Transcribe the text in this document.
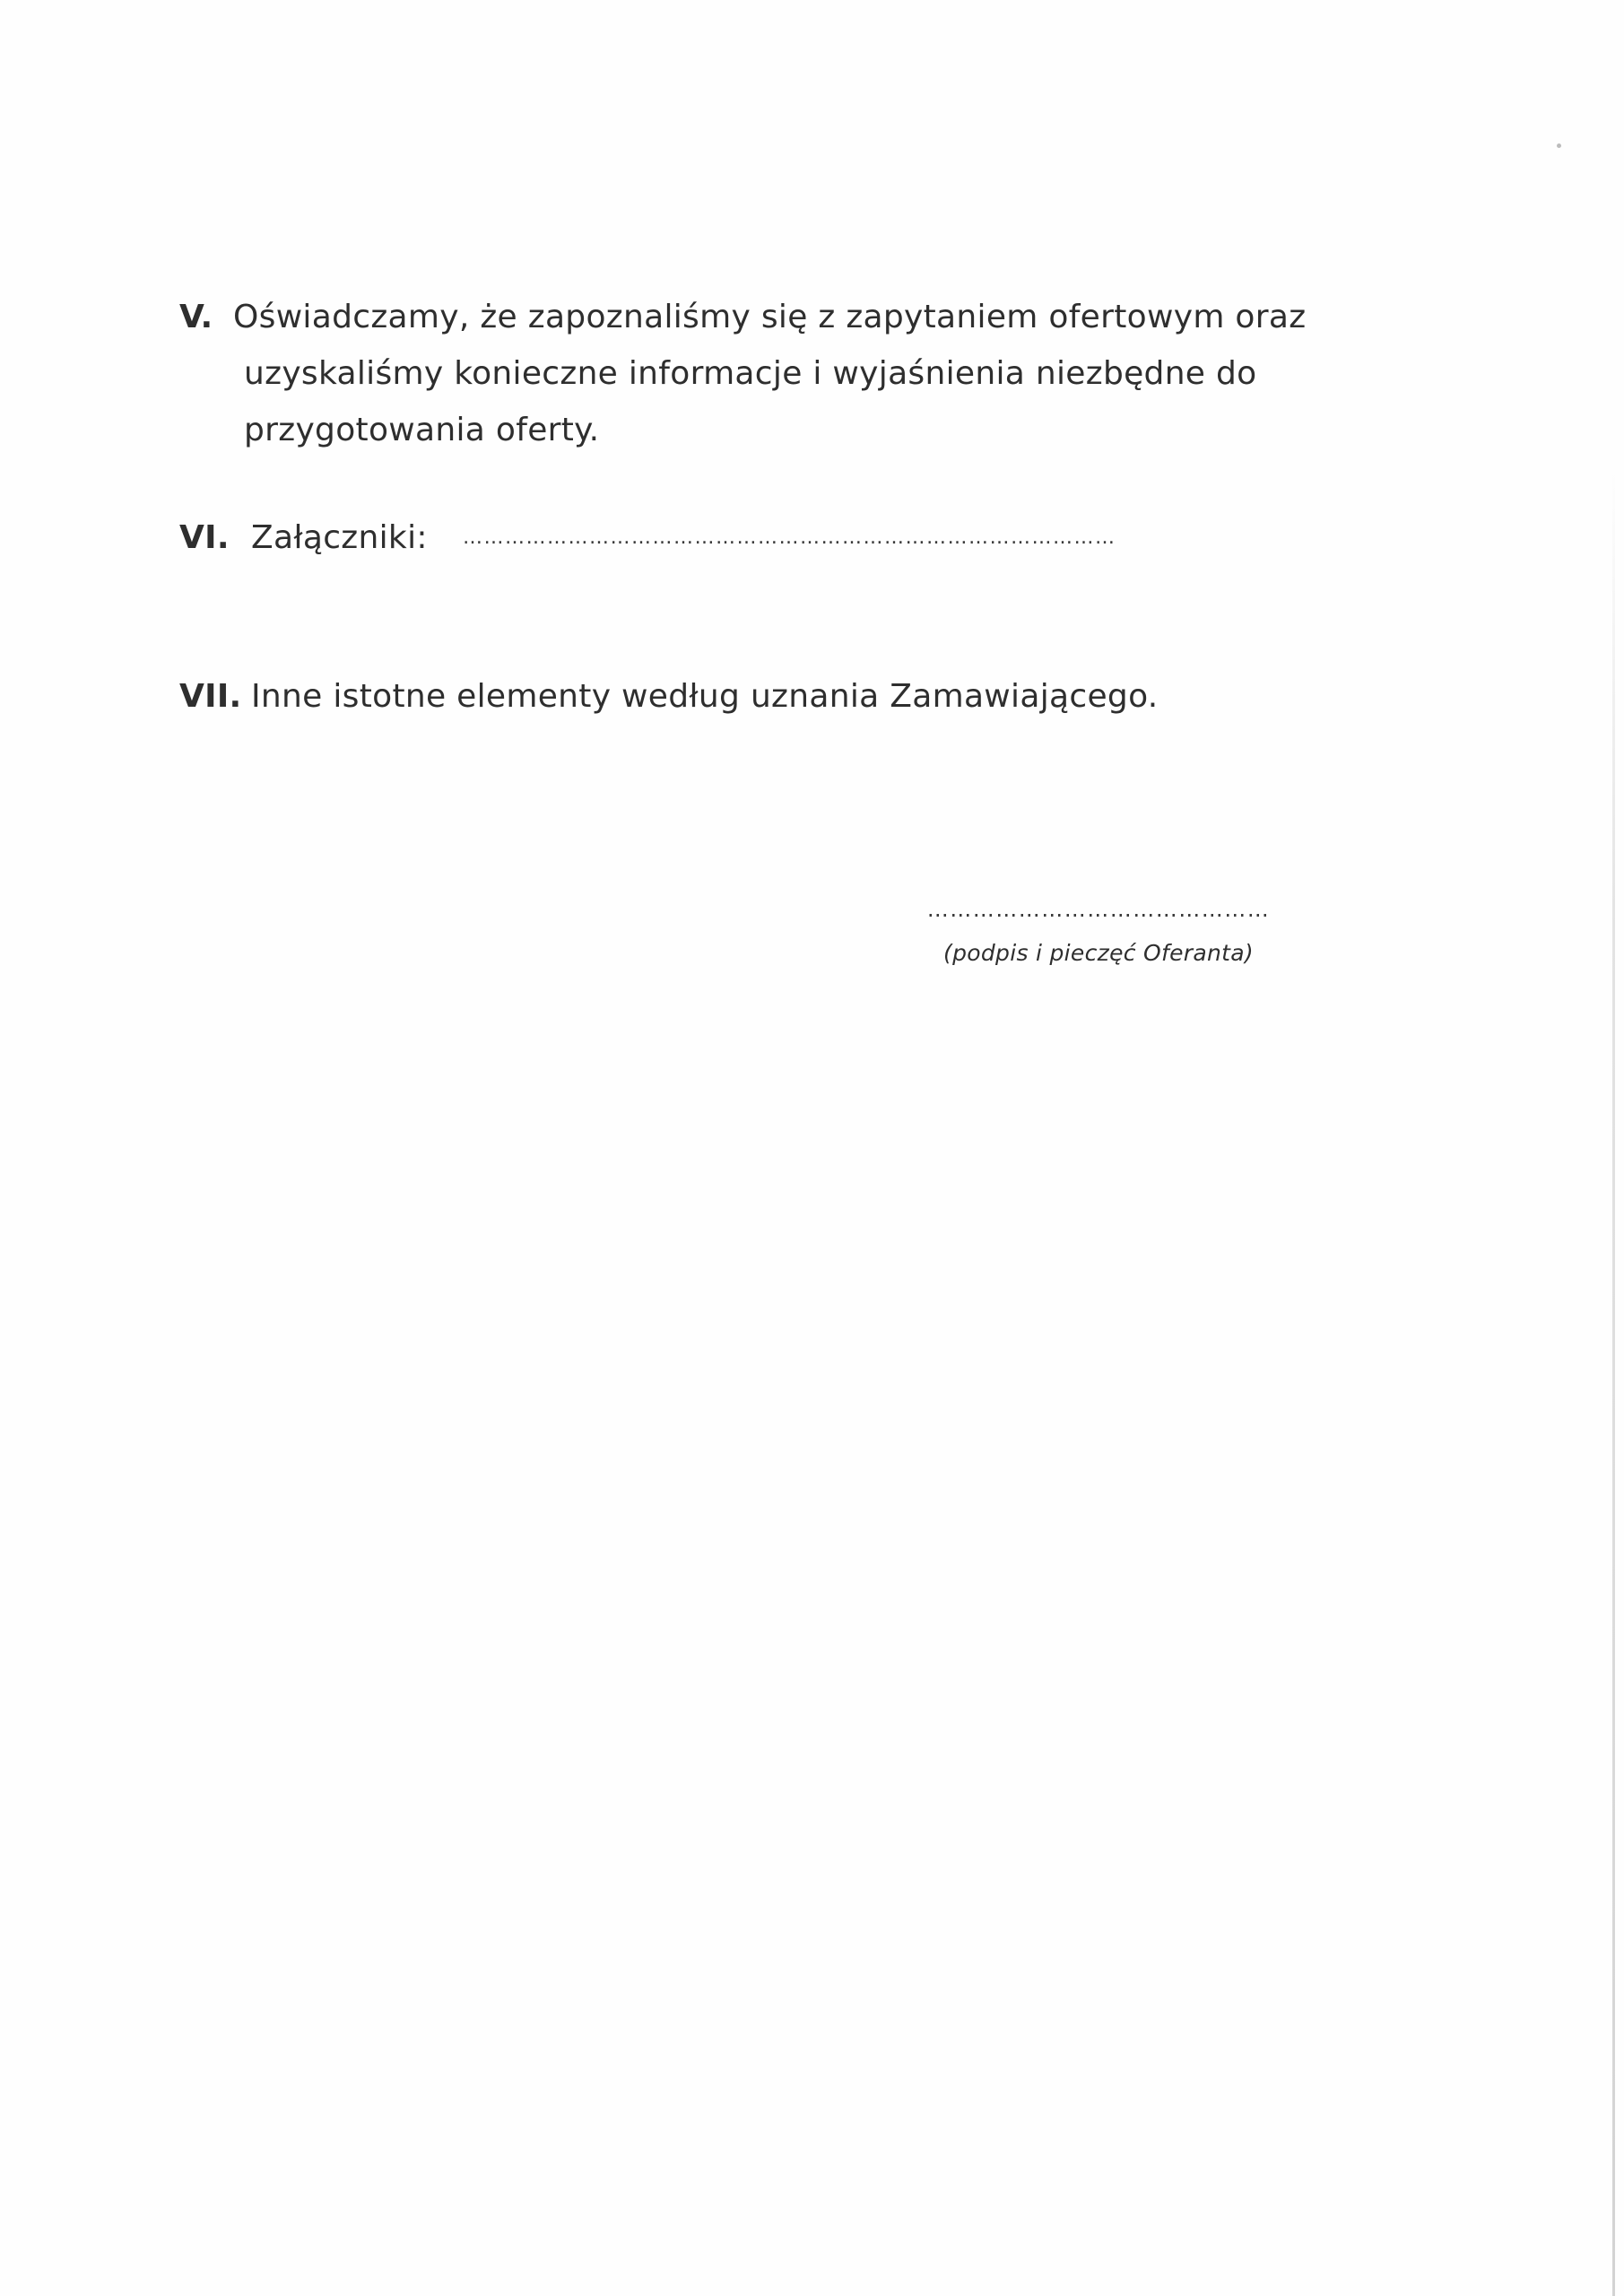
V. Oświadczamy, że zapoznaliśmy się z zapytaniem ofertowym oraz
uzyskaliśmy konieczne informacje i wyjaśnienia niezbędne do
przygotowania oferty.
VI. Załączniki:	…………………………………………………………………………………
VII. Inne istotne elementy według uznania Zamawiającego.
………………………………………
(podpis i pieczęć Oferanta)
